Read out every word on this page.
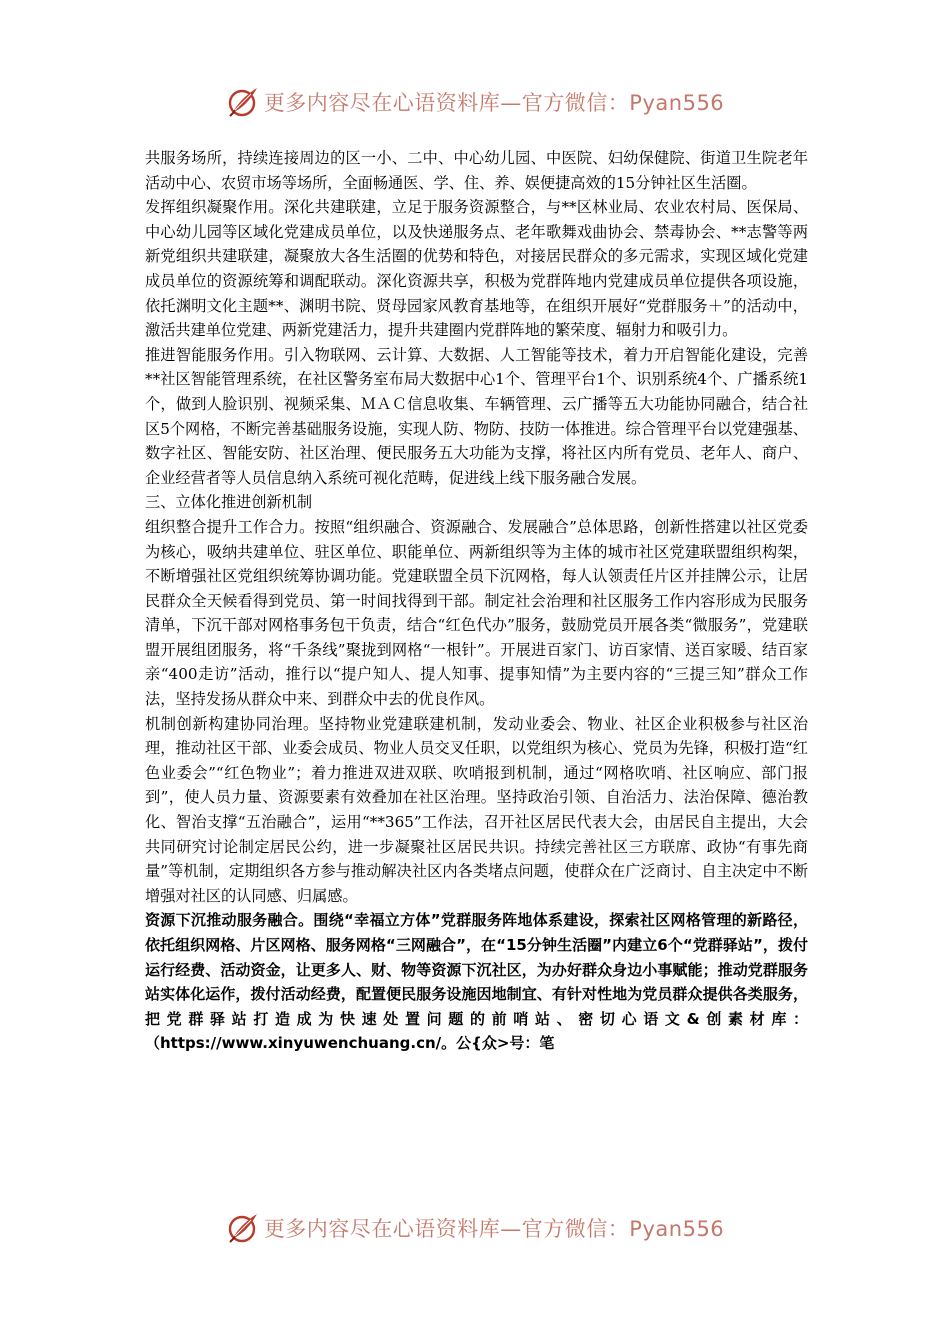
更多内容尽在心语资料库—官方微信：Pyan556

共服务场所，持续连接周边的区一小、二中、中心幼儿园、中医院、妇幼保健院、街道卫生院老年活动中心、农贸市场等场所，全面畅通医、学、住、养、娱便捷高效的15分钟社区生活圈。

发挥组织凝聚作用。深化共建联建，立足于服务资源整合，与**区林业局、农业农村局、医保局、中心幼儿园等区域化党建成员单位，以及快递服务点、老年歌舞戏曲协会、禁毒协会、**志警等两新党组织共建联建，凝聚放大各生活圈的优势和特色，对接居民群众的多元需求，实现区域化党建成员单位的资源统筹和调配联动。深化资源共享，积极为党群阵地内党建成员单位提供各项设施，依托渊明文化主题**、渊明书院、贤母园家风教育基地等，在组织开展好“党群服务＋”的活动中，激活共建单位党建、两新党建活力，提升共建圈内党群阵地的繁荣度、辐射力和吸引力。

推进智能服务作用。引入物联网、云计算、大数据、人工智能等技术，着力开启智能化建设，完善**社区智能管理系统，在社区警务室布局大数据中心1个、管理平台1个、识别系统4个、广播系统1个，做到人脸识别、视频采集、ＭＡＣ信息收集、车辆管理、云广播等五大功能协同融合，结合社区5个网格，不断完善基础服务设施，实现人防、物防、技防一体推进。综合管理平台以党建强基、数字社区、智能安防、社区治理、便民服务五大功能为支撑，将社区内所有党员、老年人、商户、企业经营者等人员信息纳入系统可视化范畴，促进线上线下服务融合发展。

三、立体化推进创新机制

组织整合提升工作合力。按照“组织融合、资源融合、发展融合”总体思路，创新性搭建以社区党委为核心，吸纳共建单位、驻区单位、职能单位、两新组织等为主体的城市社区党建联盟组织构架，不断增强社区党组织统筹协调功能。党建联盟全员下沉网格，每人认领责任片区并挂牌公示，让居民群众全天候看得到党员、第一时间找得到干部。制定社会治理和社区服务工作内容形成为民服务清单，下沉干部对网格事务包干负责，结合“红色代办”服务，鼓励党员开展各类“微服务”，党建联盟开展组团服务，将“千条线”聚拢到网格“一根针”。开展进百家门、访百家情、送百家暖、结百家亲“400走访”活动，推行以“提户知人、提人知事、提事知情”为主要内容的“三提三知”群众工作法，坚持发扬从群众中来、到群众中去的优良作风。

机制创新构建协同治理。坚持物业党建联建机制，发动业委会、物业、社区企业积极参与社区治理，推动社区干部、业委会成员、物业人员交叉任职，以党组织为核心、党员为先锋，积极打造“红色业委会”“红色物业”；着力推进双进双联、吹哨报到机制，通过“网格吹哨、社区响应、部门报到”，使人员力量、资源要素有效叠加在社区治理。坚持政治引领、自治活力、法治保障、德治教化、智治支撑“五治融合”，运用“**365”工作法，召开社区居民代表大会，由居民自主提出，大会共同研究讨论制定居民公约，进一步凝聚社区居民共识。持续完善社区三方联席、政协“有事先商量”等机制，定期组织各方参与推动解决社区内各类堵点问题，使群众在广泛商讨、自主决定中不断增强对社区的认同感、归属感。

资源下沉推动服务融合。围绕“幸福立方体”党群服务阵地体系建设，探索社区网格管理的新路径，依托组织网格、片区网格、服务网格“三网融合”，在“15分钟生活圈”内建立6个“党群驿站”，拨付运行经费、活动资金，让更多人、财、物等资源下沉社区，为办好群众身边小事赋能；推动党群服务站实体化运作，拨付活动经费，配置便民服务设施因地制宜、有针对性地为党员群众提供各类服务，把党群驿站打造成为快速处置问题的前哨站、密切心语文&创素材库：（https://www.xinyuwenchuang.cn/。公{众>号：笔

更多内容尽在心语资料库—官方微信：Pyan556
